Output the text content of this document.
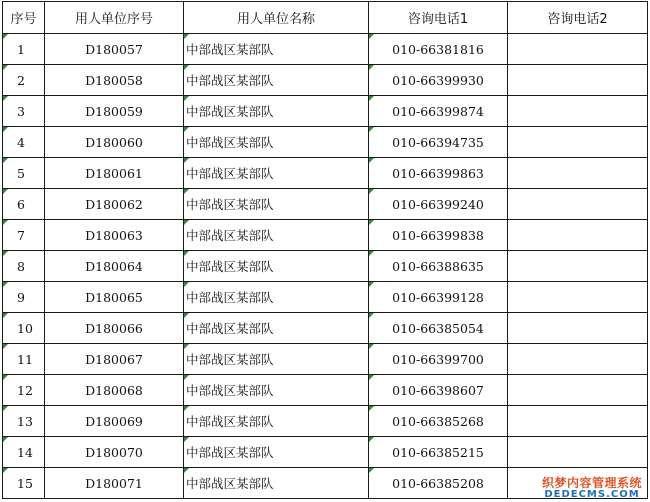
序号	用人单位序号	用人单位名称	咨询电话1	咨询电话2

1	D180057	中部战区某部队	010-66381816	

2	D180058	中部战区某部队	010-66399930	

3	D180059	中部战区某部队	010-66399874	

4	D180060	中部战区某部队	010-66394735	

5	D180061	中部战区某部队	010-66399863	

6	D180062	中部战区某部队	010-66399240	

7	D180063	中部战区某部队	010-66399838	

8	D180064	中部战区某部队	010-66388635	

9	D180065	中部战区某部队	010-66399128	

10	D180066	中部战区某部队	010-66385054	

11	D180067	中部战区某部队	010-66399700	

12	D180068	中部战区某部队	010-66398607	

13	D180069	中部战区某部队	010-66385268	

14	D180070	中部战区某部队	010-66385215	

15	D180071	中部战区某部队	010-66385208		织梦内容管理系统
DEDECMS.COM
